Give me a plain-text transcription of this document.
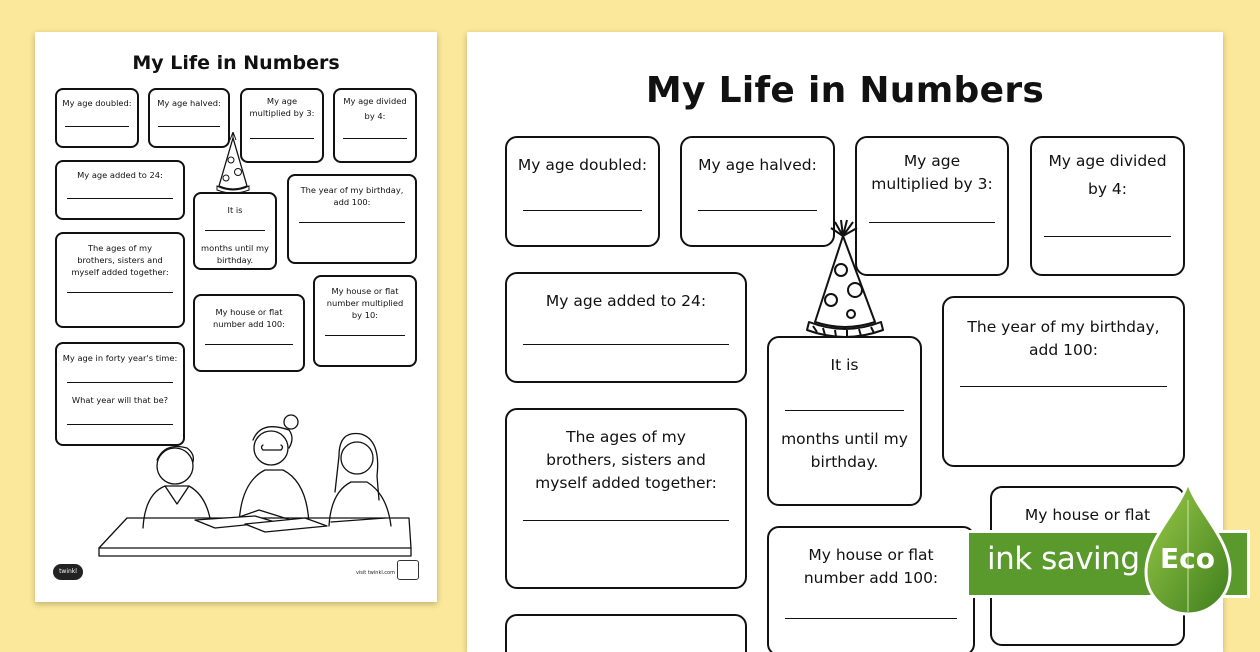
My Life in Numbers
My age doubled:	My age halved:	My age
multiplied by 3:
My age divided
by 4:
My age added to 24:
It is
months until my
birthday.
The year of my birthday,
add 100:
The ages of my
brothers, sisters and
myself added together:
My house or flat
number add 100:
My house or flat
number multiplied
by 10:
My age in forty year's time:
What year will that be?
twinkl	visit twinkl.com
My Life in Numbers
My age doubled:	My age halved:	My age
multiplied by 3:
My age divided
by 4:
My age added to 24:
It is
months until my
birthday.
The year of my birthday,
add 100:
The ages of my
brothers, sisters and
myself added together:
My house or flat
My house or flat
number add 100:
ink saving Eco
